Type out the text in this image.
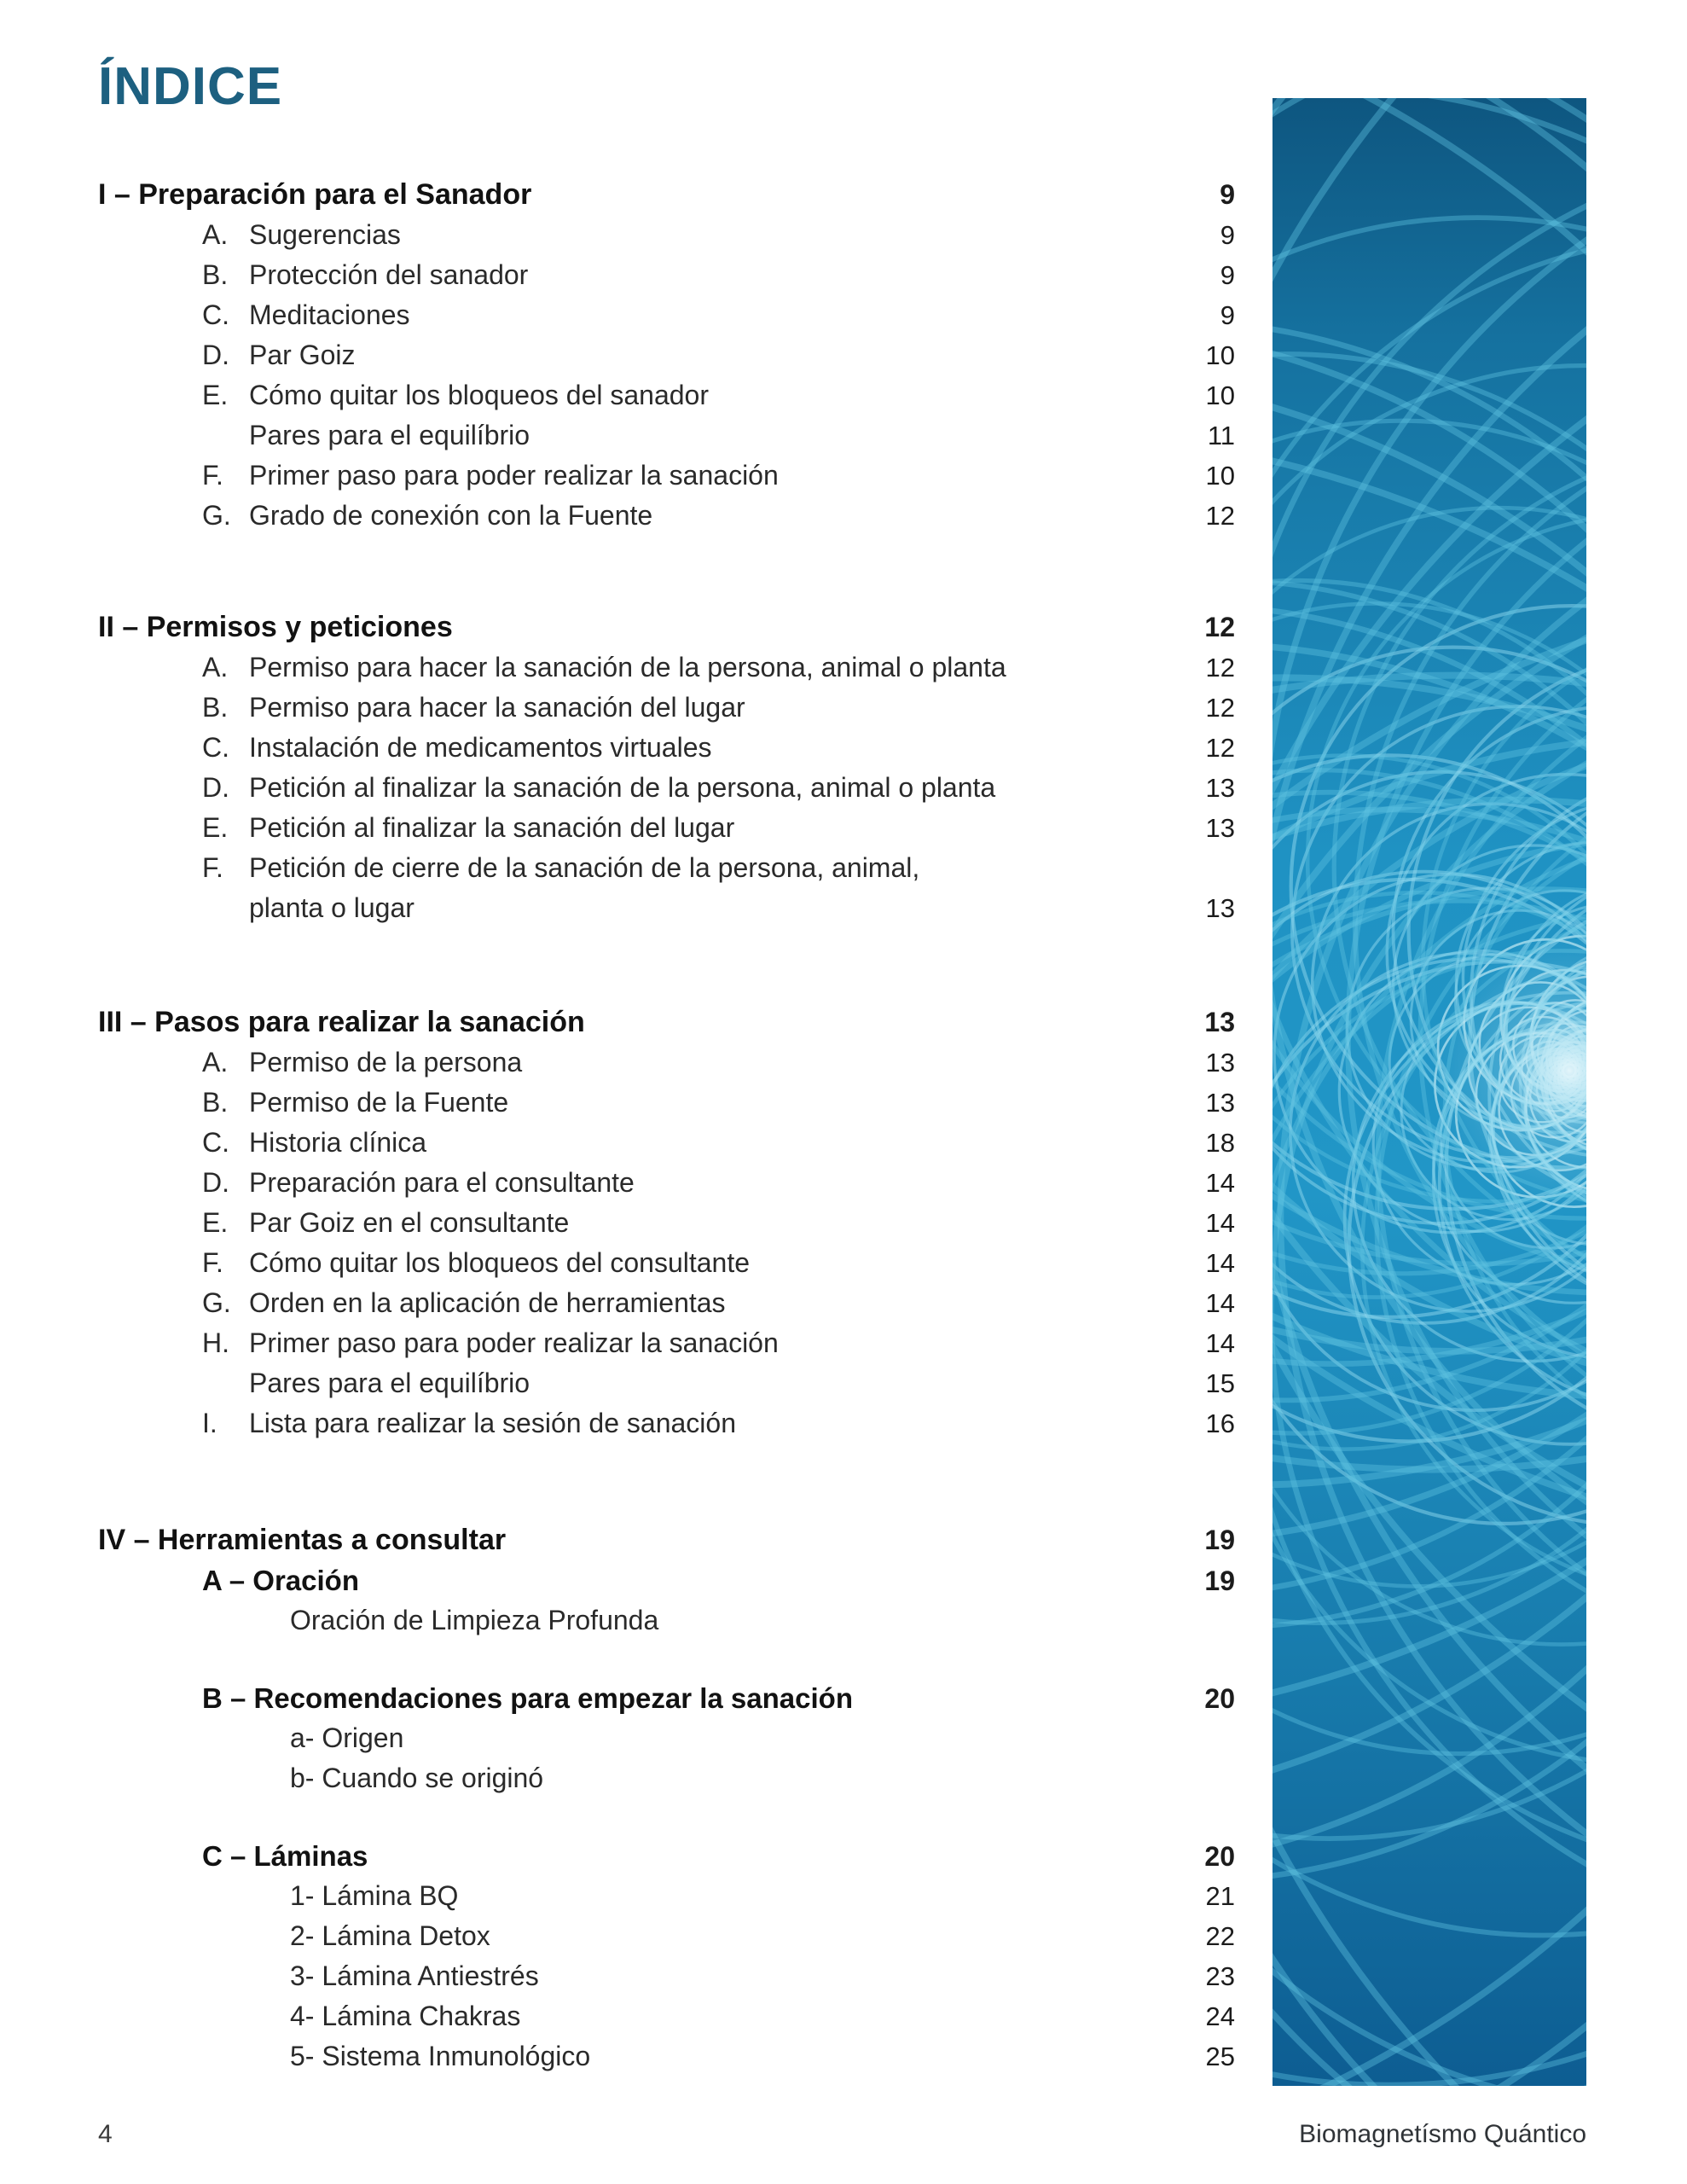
ÍNDICE
I – Preparación para el Sanador	9
A. Sugerencias	9
B. Protección del sanador	9
C. Meditaciones	9
D. Par Goiz	10
E. Cómo quitar los bloqueos del sanador	10
Pares para el equilíbrio	11
F. Primer paso para poder realizar la sanación	10
G. Grado de conexión con la Fuente	12
II – Permisos y peticiones	12
A. Permiso para hacer la sanación de la persona, animal o planta	12
B. Permiso para hacer la sanación del lugar	12
C. Instalación de medicamentos virtuales	12
D. Petición al finalizar la sanación de la persona, animal o planta	13
E. Petición al finalizar la sanación del lugar	13
F. Petición de cierre de la sanación de la persona, animal,
planta o lugar	13
III – Pasos para realizar la sanación	13
A. Permiso de la persona	13
B. Permiso de la Fuente	13
C. Historia clínica	18
D. Preparación para el consultante	14
E. Par Goiz en el consultante	14
F. Cómo quitar los bloqueos del consultante	14
G. Orden en la aplicación de herramientas	14
H. Primer paso para poder realizar la sanación	14
Pares para el equilíbrio	15
I.	Lista para realizar la sesión de sanación	16
IV – Herramientas a consultar	19
A – Oración	19
Oración de Limpieza Profunda
B – Recomendaciones para empezar la sanación	20
a- Origen
b- Cuando se originó
C – Láminas	20
1- Lámina BQ	21
2- Lámina Detox	22
3- Lámina Antiestrés	23
4- Lámina Chakras	24
5- Sistema Inmunológico	25
4	Biomagnetísmo Quántico
